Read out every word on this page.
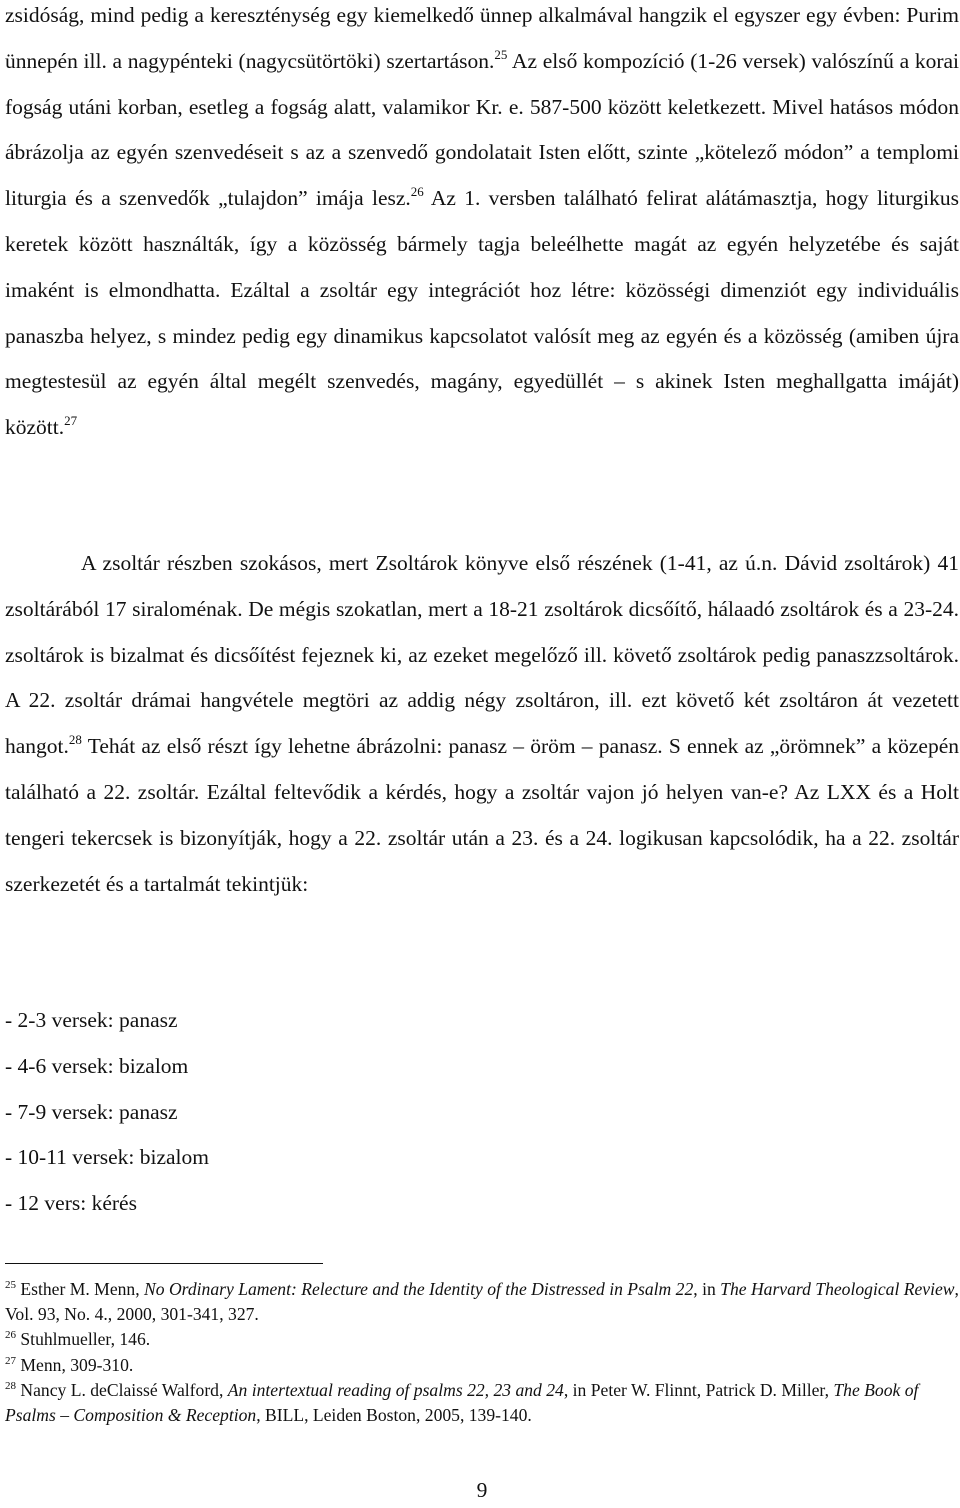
zsidóság, mind pedig a kereszténység egy kiemelkedő ünnep alkalmával hangzik el egyszer egy évben: Purim ünnepén ill. a nagypénteki (nagycsütörtöki) szertartáson.$^{25}$ Az első kompozíció (1-26 versek) valószínű a korai fogság utáni korban, esetleg a fogság alatt, valamikor Kr. e. 587-500 között keletkezett. Mivel hatásos módon ábrázolja az egyén szenvedéseit s az a szenvedő gondolatait Isten előtt, szinte „kötelező módon” a templomi liturgia és a szenvedők „tulajdon” imája lesz.$^{26}$ Az 1. versben található felirat alátámasztja, hogy liturgikus keretek között használták, így a közösség bármely tagja beleélhette magát az egyén helyzetébe és saját imaként is elmondhatta. Ezáltal a zsoltár egy integrációt hoz létre: közösségi dimenziót egy individuális panaszba helyez, s mindez pedig egy dinamikus kapcsolatot valósít meg az egyén és a közösség (amiben újra megtestesül az egyén által megélt szenvedés, magány, egyedüllét – s akinek Isten meghallgatta imáját) között.$^{27}$

A zsoltár részben szokásos, mert Zsoltárok könyve első részének (1-41, az ú.n. Dávid zsoltárok) 41 zsoltárából 17 siraloménak. De mégis szokatlan, mert a 18-21 zsoltárok dicsőítő, hálaadó zsoltárok és a 23-24. zsoltárok is bizalmat és dicsőítést fejeznek ki, az ezeket megelőző ill. követő zsoltárok pedig panaszzsoltárok. A 22. zsoltár drámai hangvétele megtöri az addig négy zsoltáron, ill. ezt követő két zsoltáron át vezetett hangot.$^{28}$ Tehát az első részt így lehetne ábrázolni: panasz – öröm – panasz. S ennek az „örömnek” a közepén található a 22. zsoltár. Ezáltal feltevődik a kérdés, hogy a zsoltár vajon jó helyen van-e? Az LXX és a Holt tengeri tekercsek is bizonyítják, hogy a 22. zsoltár után a 23. és a 24. logikusan kapcsolódik, ha a 22. zsoltár szerkezetét és a tartalmát tekintjük:

- 2-3 versek: panasz
- 4-6 versek: bizalom
- 7-9 versek: panasz
- 10-11 versek: bizalom
- 12 vers: kérés

$^{25}$ Esther M. Menn, No Ordinary Lament: Relecture and the Identity of the Distressed in Psalm 22, in The Harvard Theological Review, Vol. 93, No. 4., 2000, 301-341, 327.

$^{26}$ Stuhlmueller, 146.

$^{27}$ Menn, 309-310.

$^{28}$ Nancy L. deClaissé Walford, An intertextual reading of psalms 22, 23 and 24, in Peter W. Flinnt, Patrick D. Miller, The Book of Psalms – Composition & Reception, BILL, Leiden Boston, 2005, 139-140.

9
